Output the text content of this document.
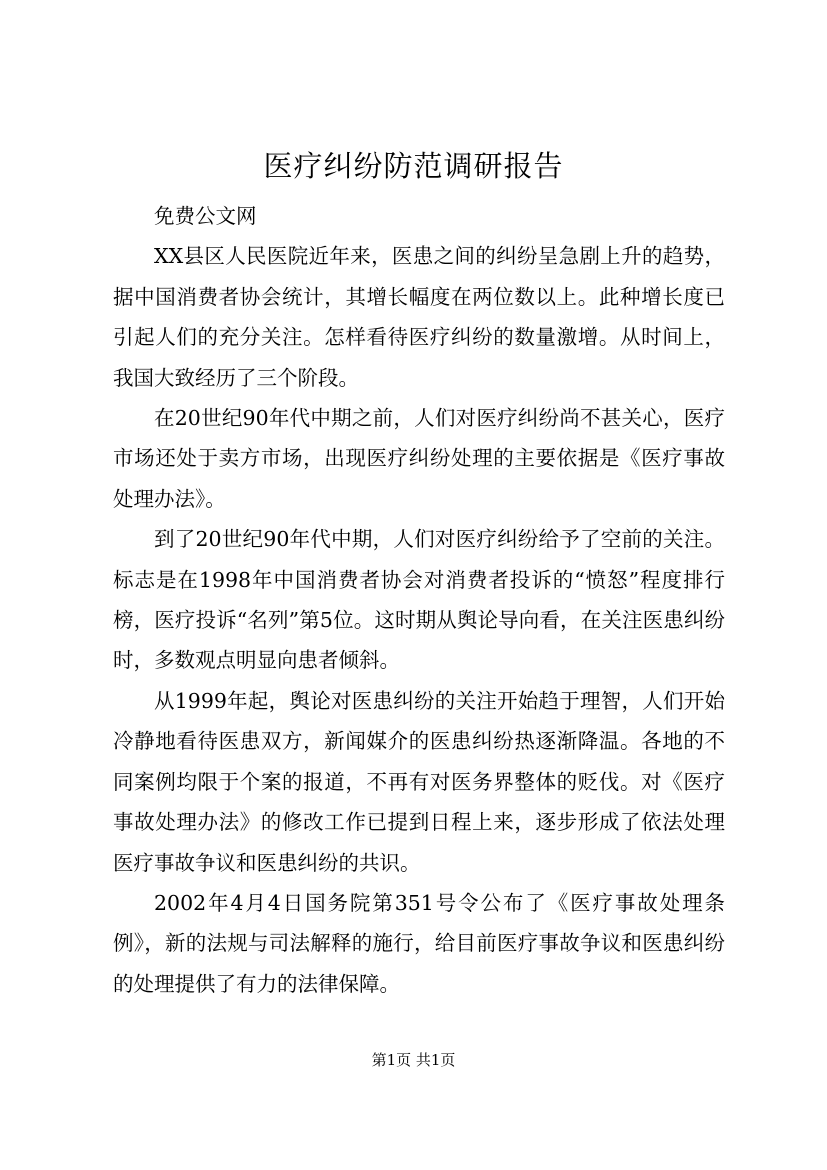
医疗纠纷防范调研报告

免费公文网

XX县区人民医院近年来，医患之间的纠纷呈急剧上升的趋势，据中国消费者协会统计，其增长幅度在两位数以上。此种增长度已引起人们的充分关注。怎样看待医疗纠纷的数量激增。从时间上，我国大致经历了三个阶段。

在20世纪90年代中期之前，人们对医疗纠纷尚不甚关心，医疗市场还处于卖方市场，出现医疗纠纷处理的主要依据是《医疗事故处理办法》。

到了20世纪90年代中期，人们对医疗纠纷给予了空前的关注。标志是在1998年中国消费者协会对消费者投诉的“愤怒”程度排行榜，医疗投诉“名列”第5位。这时期从舆论导向看，在关注医患纠纷时，多数观点明显向患者倾斜。

从1999年起，舆论对医患纠纷的关注开始趋于理智，人们开始冷静地看待医患双方，新闻媒介的医患纠纷热逐渐降温。各地的不同案例均限于个案的报道，不再有对医务界整体的贬伐。对《医疗事故处理办法》的修改工作已提到日程上来，逐步形成了依法处理医疗事故争议和医患纠纷的共识。

2002年4月4日国务院第351号令公布了《医疗事故处理条例》，新的法规与司法解释的施行，给目前医疗事故争议和医患纠纷的处理提供了有力的法律保障。

第1页 共1页
